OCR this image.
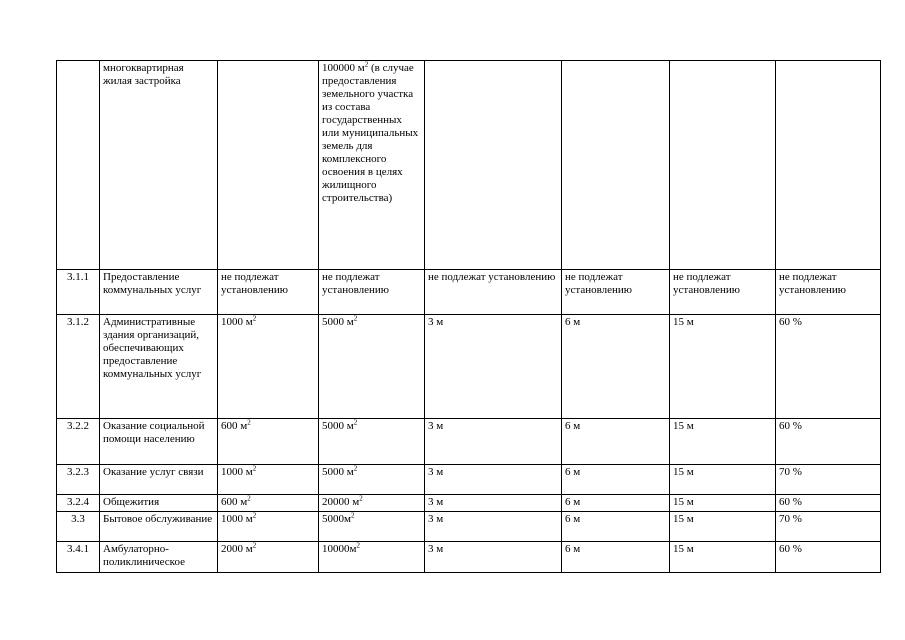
	многоквартирная жилая застройка		100000 $м^2$ (в случае предоставления земельного участка из состава государственных или муниципальных земель для комплексного освоения в целях жилищного строительства)				
3.1.1	Предоставление коммунальных услуг	не подлежат установлению	не подлежат установлению	не подлежат установлению	не подлежат установлению	не подлежат установлению	не подлежат установлению
3.1.2	Административные здания организаций, обеспечивающих предоставление коммунальных услуг	1000 $м^2$	5000 $м^2$	3 м	6 м	15 м	60 %
3.2.2	Оказание социальной помощи населению	600 $м^2$	5000 $м^2$	3 м	6 м	15 м	60 %
3.2.3	Оказание услуг связи	1000 $м^2$	5000 $м^2$	3 м	6 м	15 м	70 %
3.2.4	Общежития	600 $м^2$	20000 $м^2$	3 м	6 м	15 м	60 %
3.3	Бытовое обслуживание	1000 $м^2$	$5000м^2$	3 м	6 м	15 м	70 %
3.4.1	Амбулаторно-поликлиническое	2000 $м^2$	$10000м^2$	3 м	6 м	15 м	60 %
